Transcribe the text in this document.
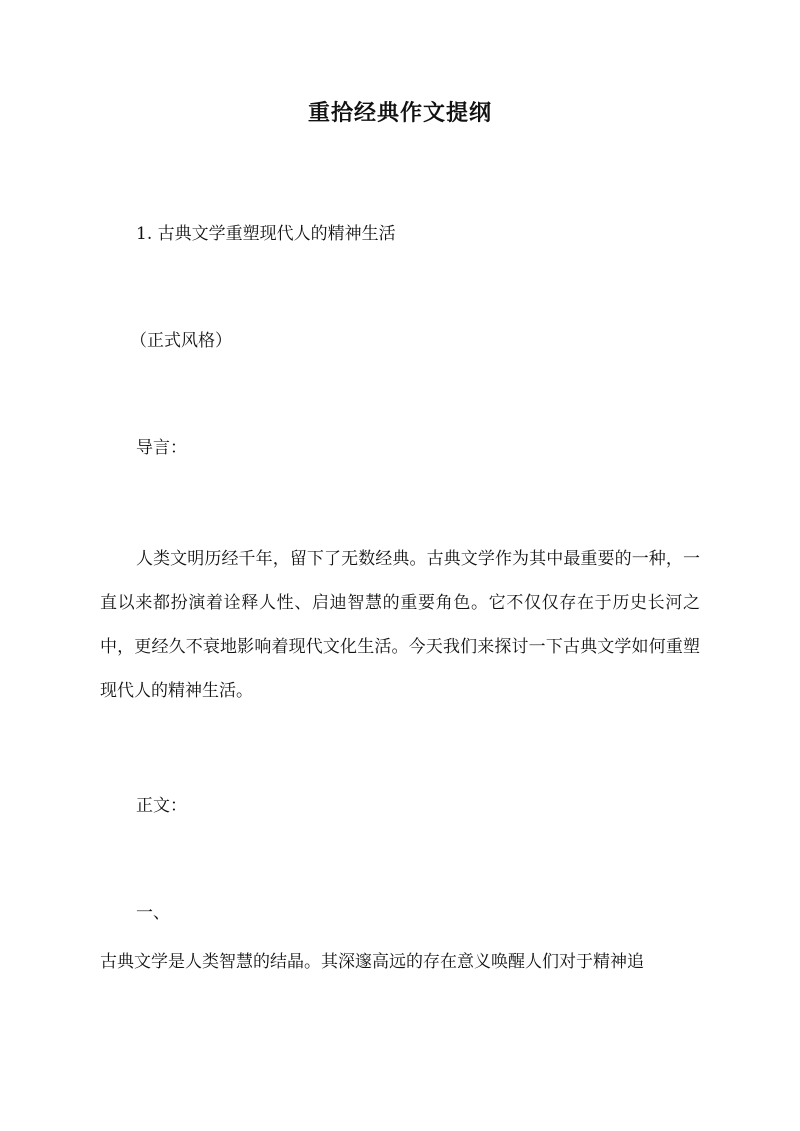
重拾经典作文提纲
1. 古典文学重塑现代人的精神生活
（正式风格）
导言：
人类文明历经千年，留下了无数经典。古典文学作为其中最重要的一种，一直以来都扮演着诠释人性、启迪智慧的重要角色。它不仅仅存在于历史长河之中，更经久不衰地影响着现代文化生活。今天我们来探讨一下古典文学如何重塑现代人的精神生活。
正文：
一、
古典文学是人类智慧的结晶。其深邃高远的存在意义唤醒人们对于精神追
